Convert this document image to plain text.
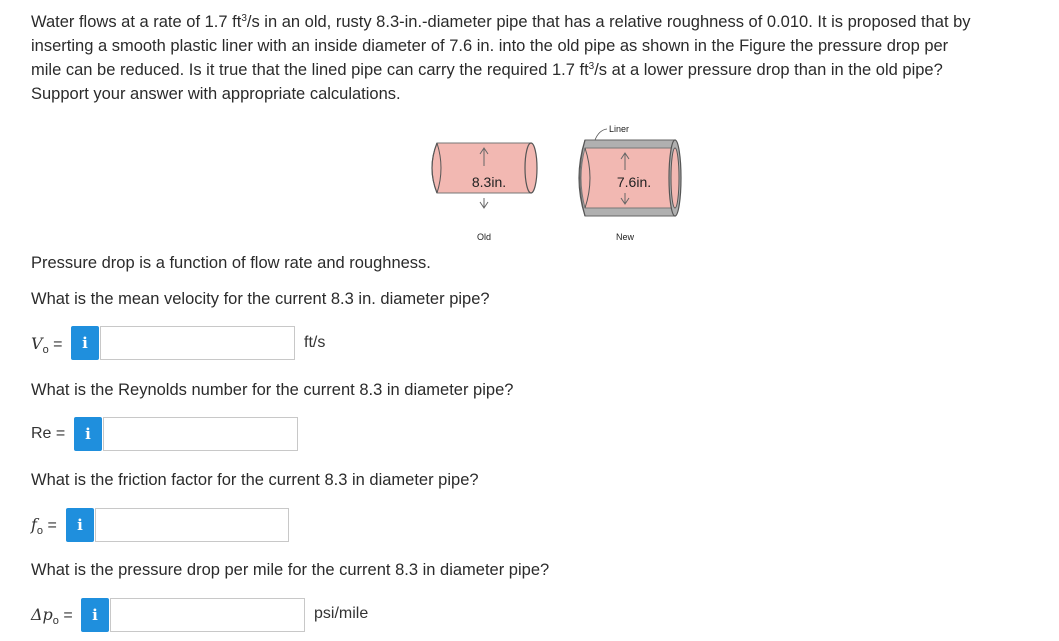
Water flows at a rate of 1.7 $ft^3/s$ in an old, rusty 8.3-in.-diameter pipe that has a relative roughness of 0.010. It is proposed that by
inserting a smooth plastic liner with an inside diameter of 7.6 in. into the old pipe as shown in the Figure the pressure drop per
mile can be reduced. Is it true that the lined pipe can carry the required 1.7 $ft^3/s$ at a lower pressure drop than in the old pipe?
Support your answer with appropriate calculations.
8.3in.
Old
7.6in.
Liner
New
Pressure drop is a function of flow rate and roughness.
What is the mean velocity for the current 8.3 in. diameter pipe?
$V_o$ =	i	ft/s
What is the Reynolds number for the current 8.3 in diameter pipe?
Re =	i
What is the friction factor for the current 8.3 in diameter pipe?
$f_o$ =	i
What is the pressure drop per mile for the current 8.3 in diameter pipe?
$\Delta p_o$ =	i	psi/mile
